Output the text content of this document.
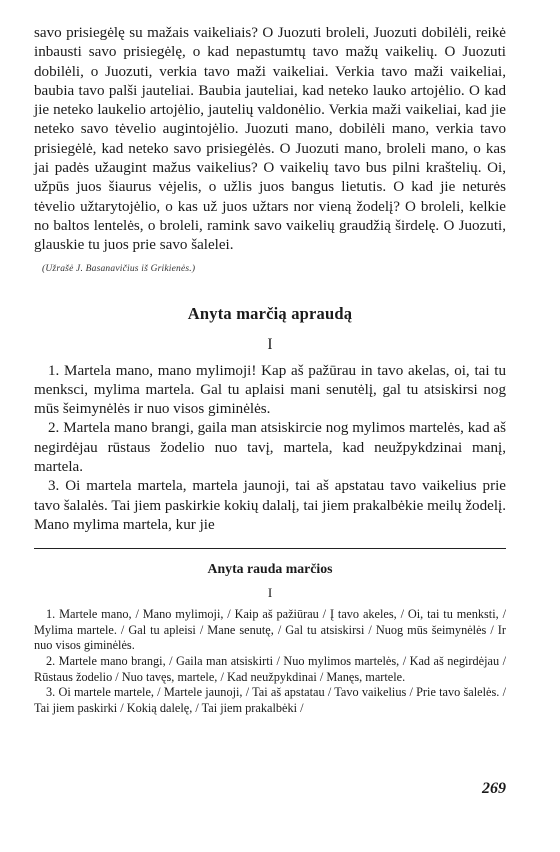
savo prisiegėlę su mažais vaikeliais? O Juozuti broleli, Juozuti dobilėli, reikė inbausti savo prisiegėlę, o kad nepastumtų tavo mažų vaikelių. O Juozuti dobilėli, o Juozuti, verkia tavo maži vaikeliai. Verkia tavo maži vaikeliai, baubia tavo palši jauteliai. Baubia jauteliai, kad neteko lauko artojėlio. O kad jie neteko laukelio artojėlio, jautelių valdonėlio. Verkia maži vaikeliai, kad jie neteko savo tėvelio augintojėlio. Juozuti mano, dobilėli mano, verkia tavo prisiegėlė, kad neteko savo prisiegėlės. O Juozuti mano, broleli mano, o kas jai padės užaugint mažus vaikelius? O vaikelių tavo bus pilni kraštelių. Oi, užpūs juos šiaurus vėjelis, o užlis juos bangus lietutis. O kad jie neturės tėvelio užtarytojėlio, o kas už juos užtars nor vieną žodelį? O broleli, kelkie no baltos lentelės, o broleli, ramink savo vaikelių graudžią širdelę. O Juozuti, glauskie tu juos prie savo šalelei.

(Užrašė J. Basanavičius iš Grikienės.)
Anyta marčią apraudą
I

1. Martela mano, mano mylimoji! Kap aš pažūrau in tavo akelas, oi, tai tu menksci, mylima martela. Gal tu aplaisi mani senutėlį, gal tu atsiskirsi nog mūs šeimynėlės ir nuo visos giminėlės.

2. Martela mano brangi, gaila man atsiskircie nog mylimos martelės, kad aš negirdėjau rūstaus žodelio nuo tavį, martela, kad neužpykdzinai manį, martela.

3. Oi martela martela, martela jaunoji, tai aš apstatau tavo vaikelius prie tavo šalalės. Tai jiem paskirkie kokių dalalį, tai jiem prakalbėkie meilų žodelį. Mano mylima martela, kur jie

Anyta rauda marčios
I

1. Martele mano, / Mano mylimoji, / Kaip aš pažiūrau / Į tavo akeles, / Oi, tai tu menksti, / Mylima martele. / Gal tu apleisi / Mane senutę, / Gal tu atsiskirsi / Nuog mūs šeimynėlės / Ir nuo visos giminėlės.

2. Martele mano brangi, / Gaila man atsiskirti / Nuo mylimos martelės, / Kad aš negirdėjau / Rūstaus žodelio / Nuo tavęs, martele, / Kad neužpykdinai / Manęs, martele.

3. Oi martele martele, / Martele jaunoji, / Tai aš apstatau / Tavo vaikelius / Prie tavo šalelės. / Tai jiem paskirki / Kokią dalelę, / Tai jiem prakalbėki /

269
